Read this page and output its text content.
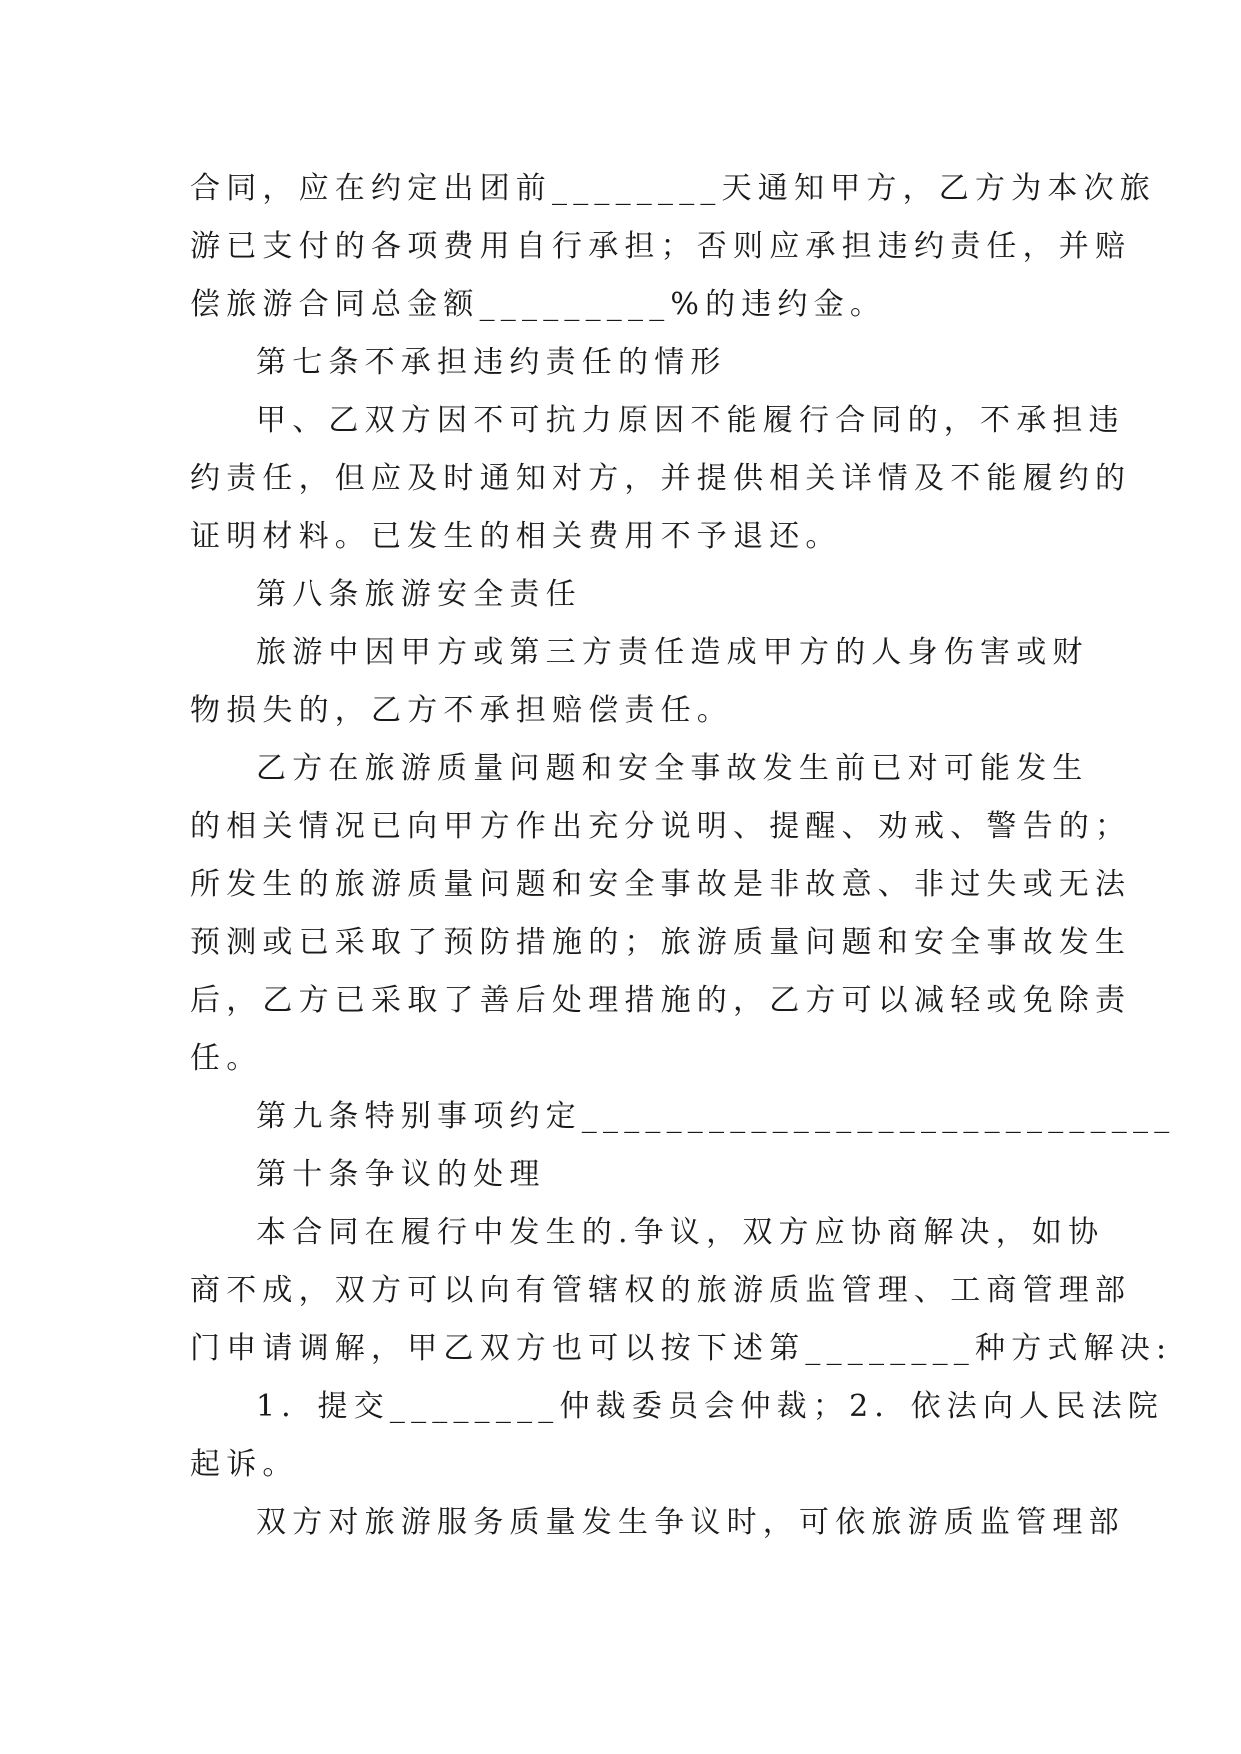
合同，应在约定出团前________天通知甲方，乙方为本次旅
游已支付的各项费用自行承担；否则应承担违约责任，并赔
偿旅游合同总金额_________%的违约金。
第七条不承担违约责任的情形
甲、乙双方因不可抗力原因不能履行合同的，不承担违
约责任，但应及时通知对方，并提供相关详情及不能履约的
证明材料。已发生的相关费用不予退还。
第八条旅游安全责任
旅游中因甲方或第三方责任造成甲方的人身伤害或财
物损失的，乙方不承担赔偿责任。
乙方在旅游质量问题和安全事故发生前已对可能发生
的相关情况已向甲方作出充分说明、提醒、劝戒、警告的；
所发生的旅游质量问题和安全事故是非故意、非过失或无法
预测或已采取了预防措施的；旅游质量问题和安全事故发生
后，乙方已采取了善后处理措施的，乙方可以减轻或免除责
任。
第九条特别事项约定____________________________
第十条争议的处理
本合同在履行中发生的.争议，双方应协商解决，如协
商不成，双方可以向有管辖权的旅游质监管理、工商管理部
门申请调解，甲乙双方也可以按下述第________种方式解决:
1．提交________仲裁委员会仲裁；2．依法向人民法院
起诉。
双方对旅游服务质量发生争议时，可依旅游质监管理部
